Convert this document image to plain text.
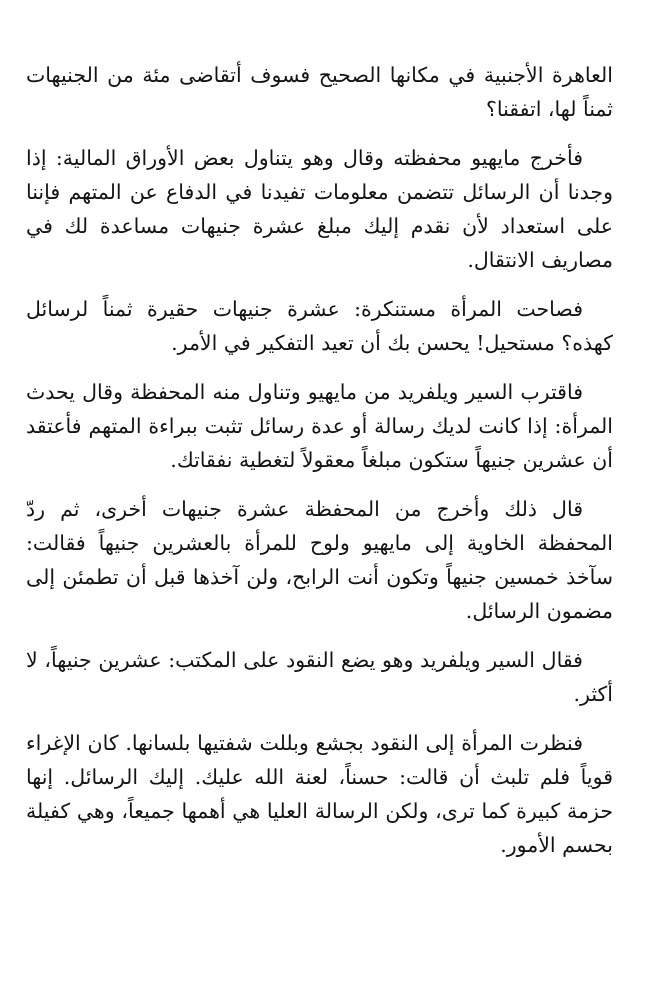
العاهرة الأجنبية في مكانها الصحيح فسوف أتقاضى مئة من الجنيهات ثمناً لها، اتفقنا؟

فأخرج مايهيو محفظته وقال وهو يتناول بعض الأوراق المالية: إذا وجدنا أن الرسائل تتضمن معلومات تفيدنا في الدفاع عن المتهم فإننا على استعداد لأن نقدم إليك مبلغ عشرة جنيهات مساعدة لك في مصاريف الانتقال.

فصاحت المرأة مستنكرة: عشرة جنيهات حقيرة ثمناً لرسائل كهذه؟ مستحيل! يحسن بك أن تعيد التفكير في الأمر.

فاقترب السير ويلفريد من مايهيو وتناول منه المحفظة وقال يحدث المرأة: إذا كانت لديك رسالة أو عدة رسائل تثبت ببراءة المتهم فأعتقد أن عشرين جنيهاً ستكون مبلغاً معقولاً لتغطية نفقاتك.

قال ذلك وأخرج من المحفظة عشرة جنيهات أخرى، ثم ردّ المحفظة الخاوية إلى مايهيو ولوح للمرأة بالعشرين جنيهاً فقالت: سآخذ خمسين جنيهاً وتكون أنت الرابح، ولن آخذها قبل أن تطمئن إلى مضمون الرسائل.

فقال السير ويلفريد وهو يضع النقود على المكتب: عشرين جنيهاً، لا أكثر.

فنظرت المرأة إلى النقود بجشع وبللت شفتيها بلسانها. كان الإغراء قوياً فلم تلبث أن قالت: حسناً، لعنة الله عليك. إليك الرسائل. إنها حزمة كبيرة كما ترى، ولكن الرسالة العليا هي أهمها جميعاً، وهي كفيلة بحسم الأمور.
